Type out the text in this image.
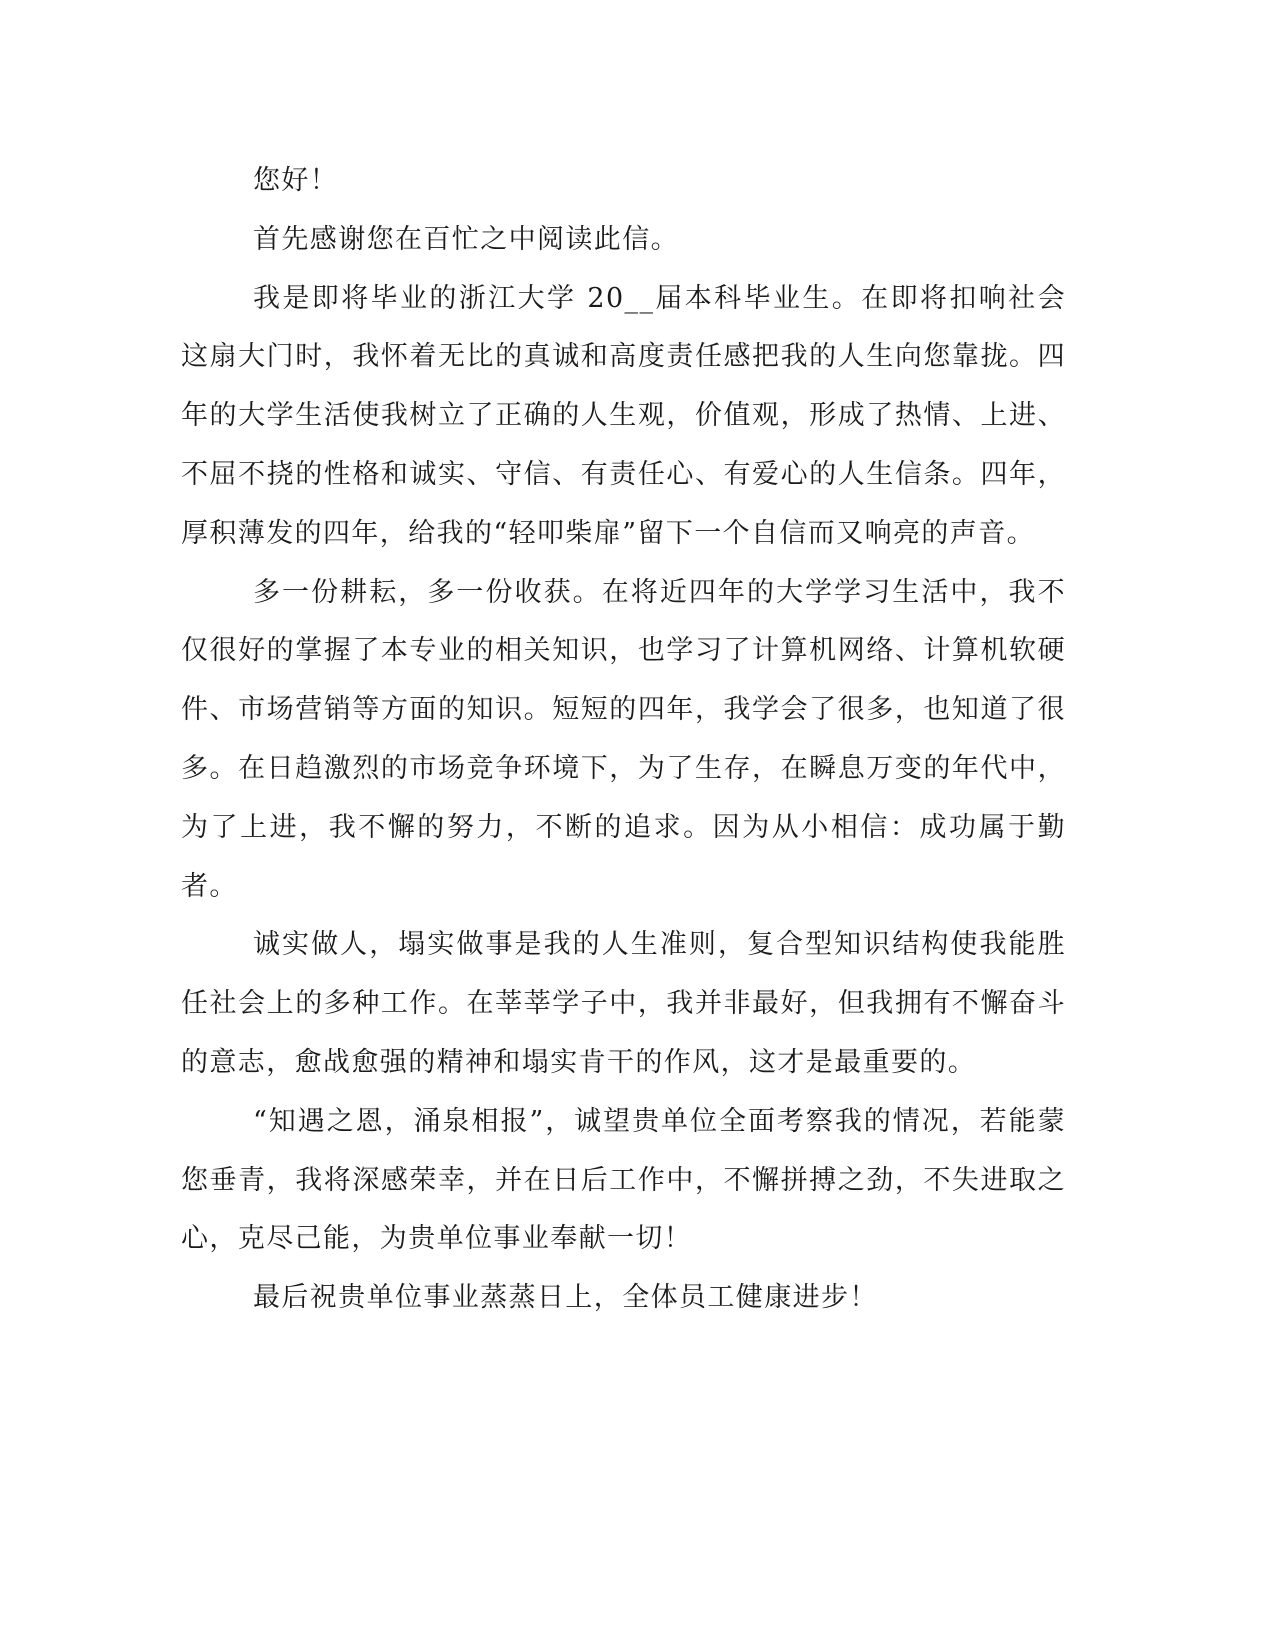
您好！

首先感谢您在百忙之中阅读此信。

我是即将毕业的浙江大学 20__届本科毕业生。在即将扣响社会这扇大门时，我怀着无比的真诚和高度责任感把我的人生向您靠拢。四年的大学生活使我树立了正确的人生观，价值观，形成了热情、上进、不屈不挠的性格和诚实、守信、有责任心、有爱心的人生信条。四年，厚积薄发的四年，给我的“轻叩柴扉”留下一个自信而又响亮的声音。

多一份耕耘，多一份收获。在将近四年的大学学习生活中，我不仅很好的掌握了本专业的相关知识，也学习了计算机网络、计算机软硬件、市场营销等方面的知识。短短的四年，我学会了很多，也知道了很多。在日趋激烈的市场竞争环境下，为了生存，在瞬息万变的年代中，为了上进，我不懈的努力，不断的追求。因为从小相信：成功属于勤者。

诚实做人，塌实做事是我的人生准则，复合型知识结构使我能胜任社会上的多种工作。在莘莘学子中，我并非最好，但我拥有不懈奋斗的意志，愈战愈强的精神和塌实肯干的作风，这才是最重要的。

“知遇之恩，涌泉相报”，诚望贵单位全面考察我的情况，若能蒙您垂青，我将深感荣幸，并在日后工作中，不懈拼搏之劲，不失进取之心，克尽己能，为贵单位事业奉献一切！

最后祝贵单位事业蒸蒸日上，全体员工健康进步！
